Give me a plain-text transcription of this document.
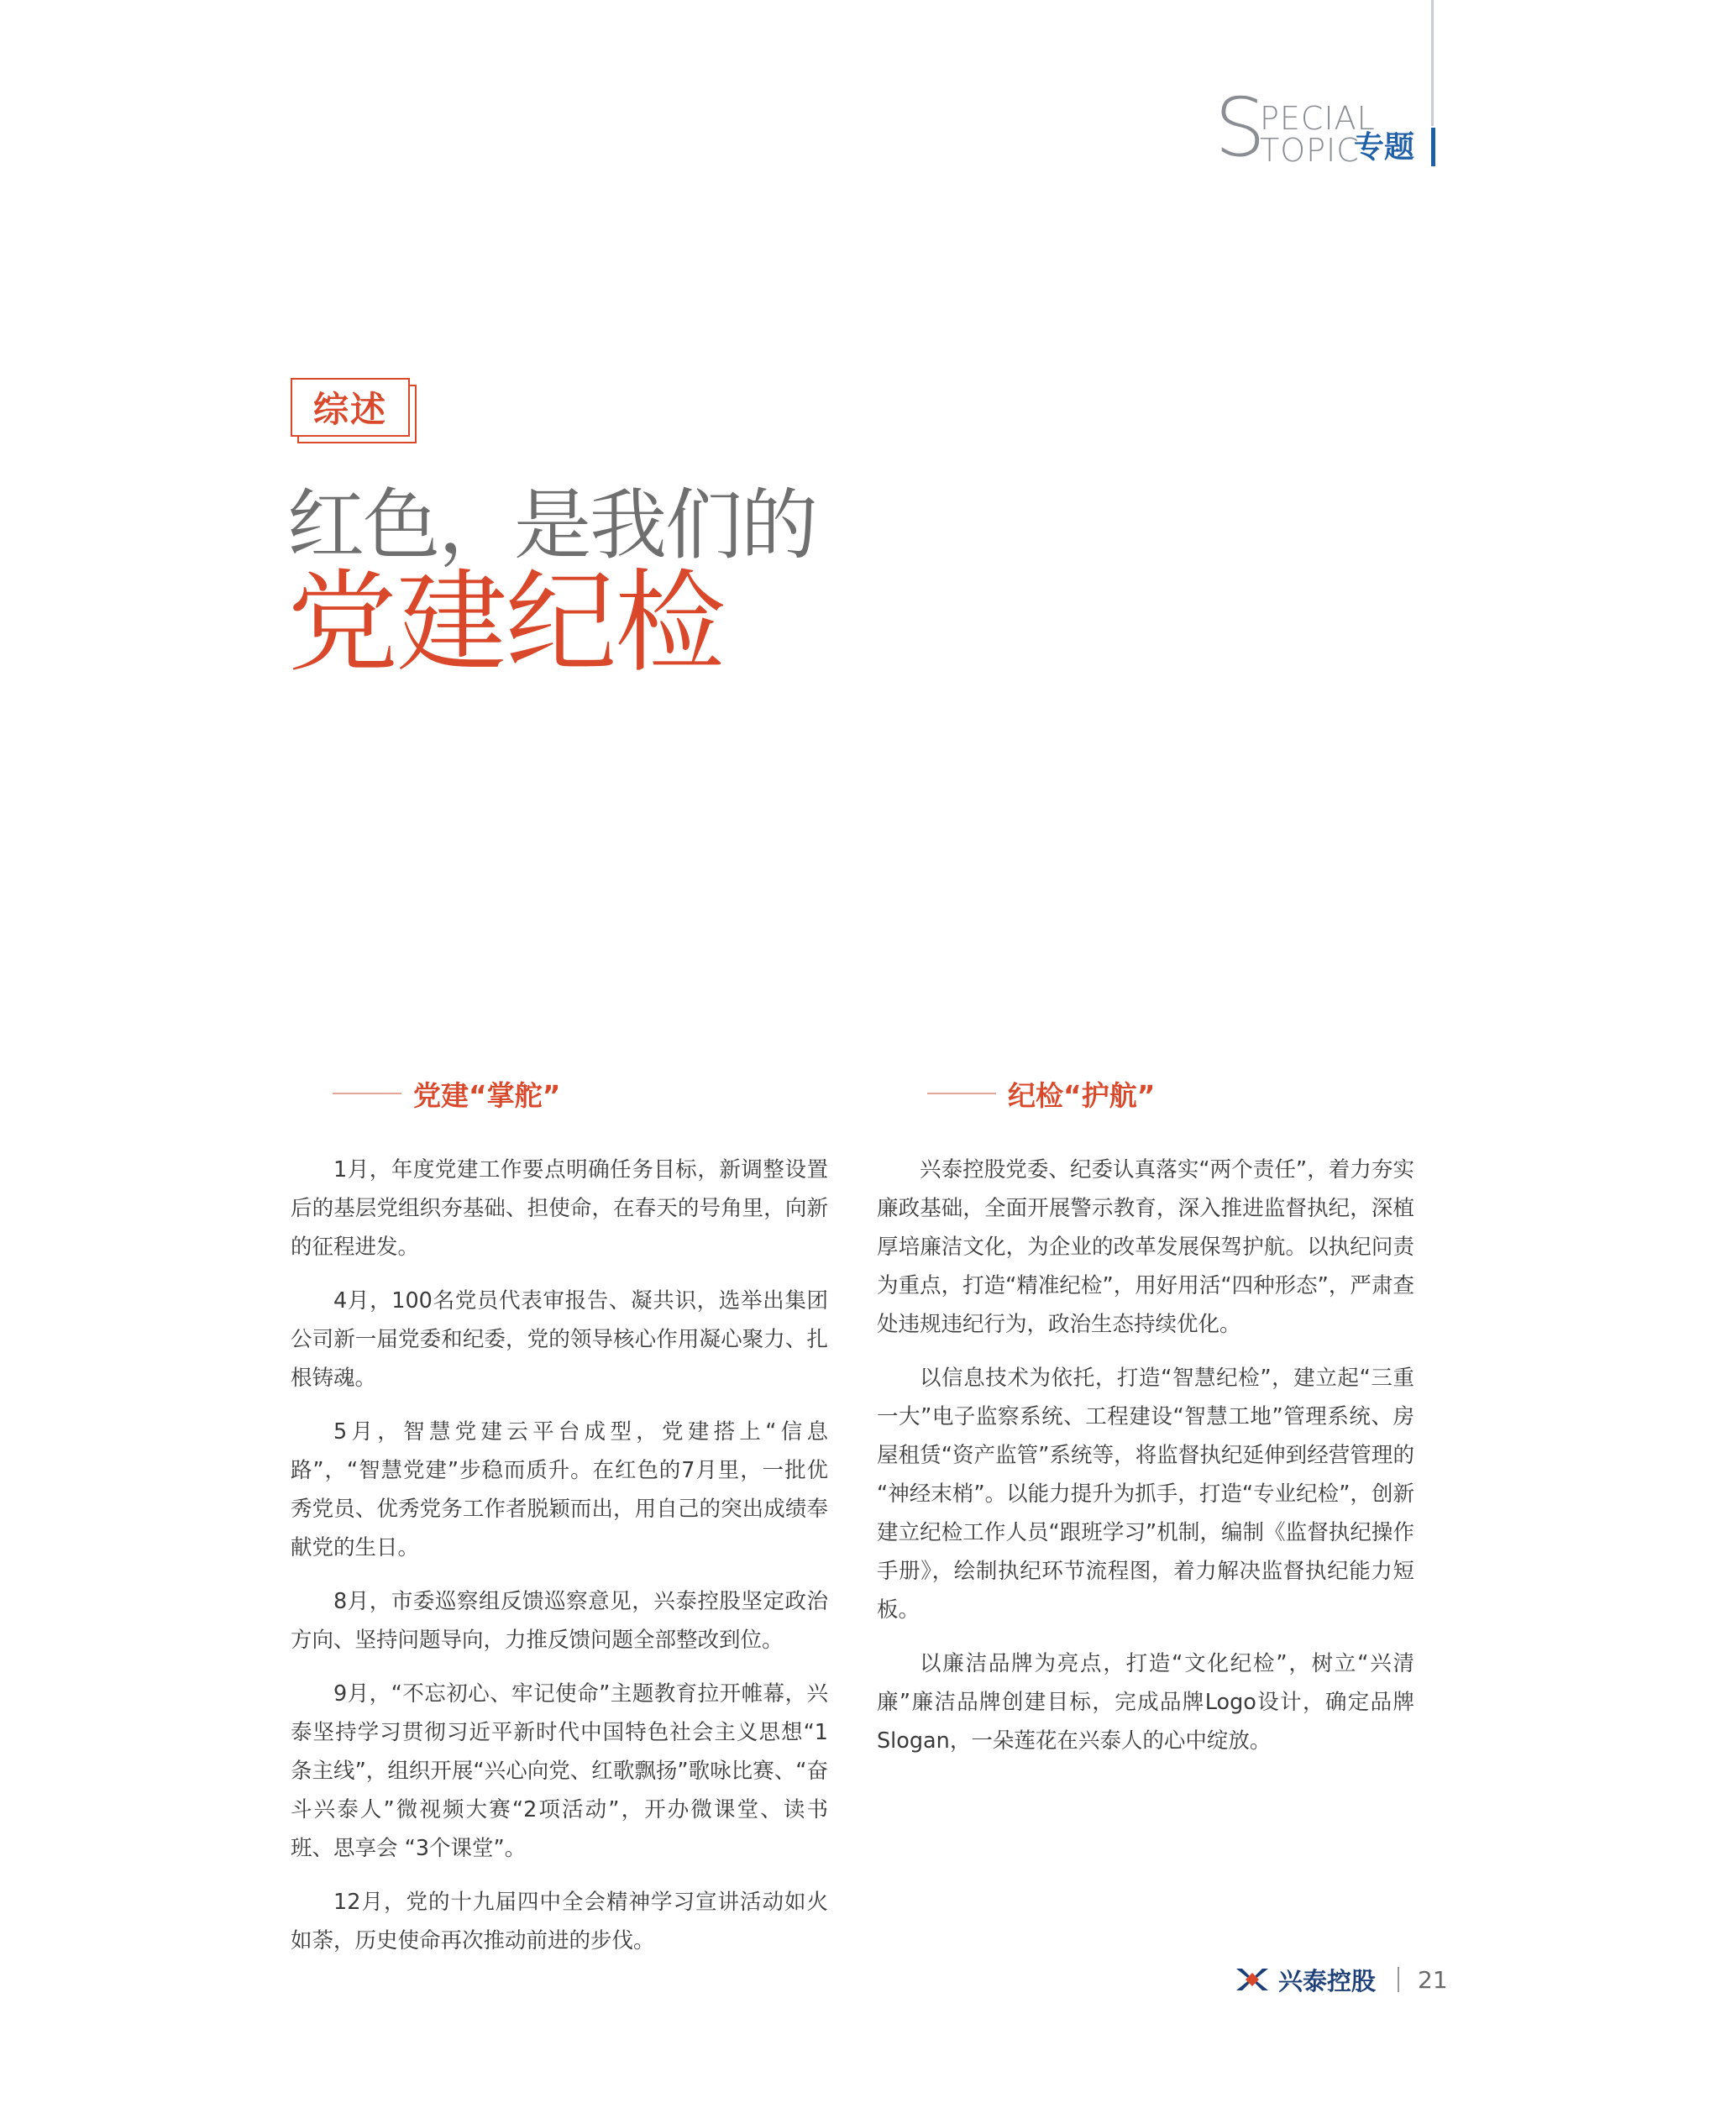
S
PECIAL
TOPIC
专题
综述
红色，是我们的
党建纪检
党建“掌舵”

1月，年度党建工作要点明确任务目标，新调整设置后的基层党组织夯基础、担使命，在春天的号角里，向新的征程进发。

4月，100名党员代表审报告、凝共识，选举出集团公司新一届党委和纪委，党的领导核心作用凝心聚力、扎根铸魂。

5月，智慧党建云平台成型，党建搭上“信息路”，“智慧党建”步稳而质升。在红色的7月里，一批优秀党员、优秀党务工作者脱颖而出，用自己的突出成绩奉献党的生日。

8月，市委巡察组反馈巡察意见，兴泰控股坚定政治方向、坚持问题导向，力推反馈问题全部整改到位。

9月，“不忘初心、牢记使命”主题教育拉开帷幕，兴泰坚持学习贯彻习近平新时代中国特色社会主义思想“1条主线”，组织开展“兴心向党、红歌飘扬”歌咏比赛、“奋斗兴泰人”微视频大赛“2项活动”，开办微课堂、读书班、思享会 “3个课堂”。

12月，党的十九届四中全会精神学习宣讲活动如火如荼，历史使命再次推动前进的步伐。

纪检“护航”

兴泰控股党委、纪委认真落实“两个责任”，着力夯实廉政基础，全面开展警示教育，深入推进监督执纪，深植厚培廉洁文化，为企业的改革发展保驾护航。以执纪问责为重点，打造“精准纪检”，用好用活“四种形态”，严肃查处违规违纪行为，政治生态持续优化。

以信息技术为依托，打造“智慧纪检”，建立起“三重一大”电子监察系统、工程建设“智慧工地”管理系统、房屋租赁“资产监管”系统等，将监督执纪延伸到经营管理的 “神经末梢”。以能力提升为抓手，打造“专业纪检”，创新建立纪检工作人员“跟班学习”机制，编制《监督执纪操作手册》，绘制执纪环节流程图，着力解决监督执纪能力短板。

以廉洁品牌为亮点，打造“文化纪检”，树立“兴清廉”廉洁品牌创建目标，完成品牌Logo设计，确定品牌Slogan，一朵莲花在兴泰人的心中绽放。

兴泰控股 21
